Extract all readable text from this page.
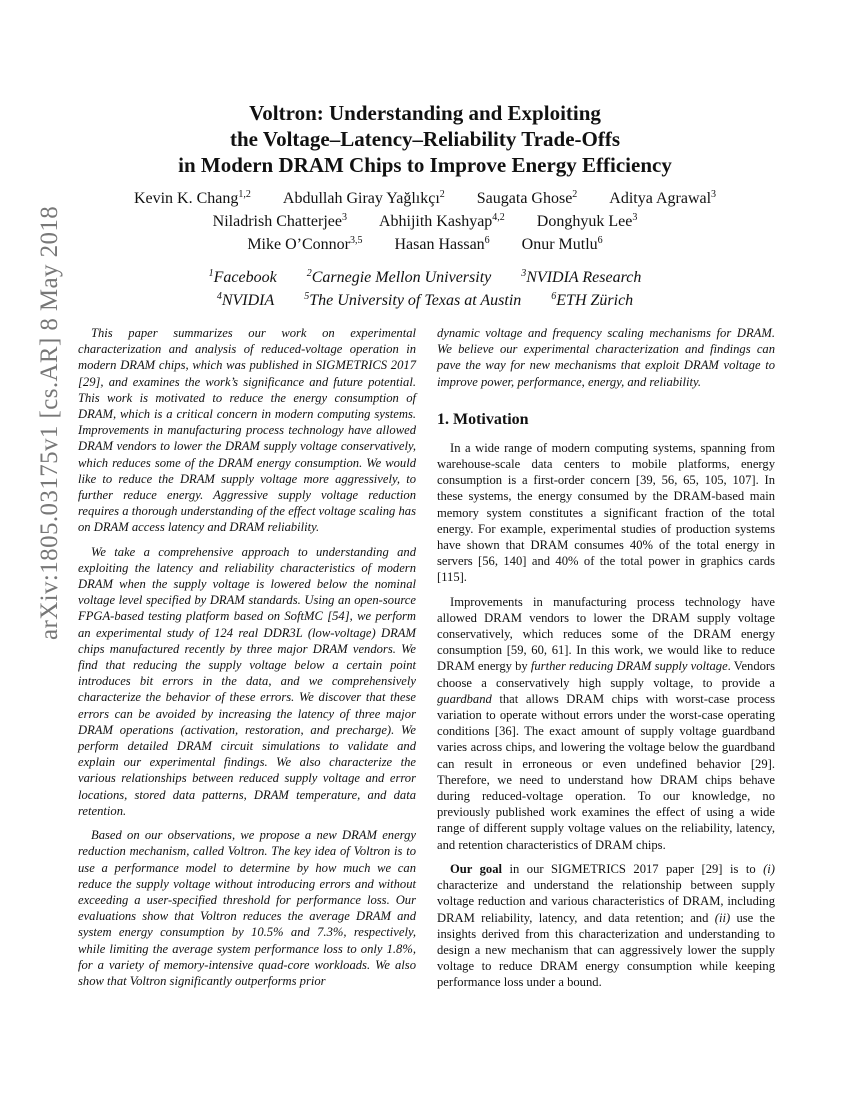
arXiv:1805.03175v1 [cs.AR] 8 May 2018
Voltron: Understanding and Exploiting
the Voltage–Latency–Reliability Trade-Offs
in Modern DRAM Chips to Improve Energy Efficiency
Kevin K. Chang$^{1,2}$ Abdullah Giray Yağlıkçı$^2$ Saugata Ghose$^2$ Aditya Agrawal$^3$
Niladrish Chatterjee$^3$ Abhijith Kashyap$^{4,2}$ Donghyuk Lee$^3$
Mike O’Connor$^{3,5}$ Hasan Hassan$^6$ Onur Mutlu$^6$
$^1$Facebook	$^2$Carnegie Mellon University	$^3$NVIDIA Research
$^4$NVIDIA	$^5$The University of Texas at Austin	$^6$ETH Zürich

This paper summarizes our work on experimental characterization and analysis of reduced-voltage operation in modern DRAM chips, which was published in SIGMETRICS 2017 [29], and examines the work’s significance and future potential. This work is motivated to reduce the energy consumption of DRAM, which is a critical concern in modern computing systems. Improvements in manufacturing process technology have allowed DRAM vendors to lower the DRAM supply voltage conservatively, which reduces some of the DRAM energy consumption. We would like to reduce the DRAM supply voltage more aggressively, to further reduce energy. Aggressive supply voltage reduction requires a thorough understanding of the effect voltage scaling has on DRAM access latency and DRAM reliability.

We take a comprehensive approach to understanding and exploiting the latency and reliability characteristics of modern DRAM when the supply voltage is lowered below the nominal voltage level specified by DRAM standards. Using an open-source FPGA-based testing platform based on SoftMC [54], we perform an experimental study of 124 real DDR3L (low-voltage) DRAM chips manufactured recently by three major DRAM vendors. We find that reducing the supply voltage below a certain point introduces bit errors in the data, and we comprehensively characterize the behavior of these errors. We discover that these errors can be avoided by increasing the latency of three major DRAM operations (activation, restoration, and precharge). We perform detailed DRAM circuit simulations to validate and explain our experimental findings. We also characterize the various relationships between reduced supply voltage and error locations, stored data patterns, DRAM temperature, and data retention.

Based on our observations, we propose a new DRAM energy reduction mechanism, called Voltron. The key idea of Voltron is to use a performance model to determine by how much we can reduce the supply voltage without introducing errors and without exceeding a user-specified threshold for performance loss. Our evaluations show that Voltron reduces the average DRAM and system energy consumption by 10.5% and 7.3%, respectively, while limiting the average system performance loss to only 1.8%, for a variety of memory-intensive quad-core workloads. We also show that Voltron significantly outperforms prior

dynamic voltage and frequency scaling mechanisms for DRAM. We believe our experimental characterization and findings can pave the way for new mechanisms that exploit DRAM voltage to improve power, performance, energy, and reliability.

1. Motivation

In a wide range of modern computing systems, spanning from warehouse-scale data centers to mobile platforms, energy consumption is a first-order concern [39, 56, 65, 105, 107]. In these systems, the energy consumed by the DRAM-based main memory system constitutes a significant fraction of the total energy. For example, experimental studies of production systems have shown that DRAM consumes 40% of the total energy in servers [56, 140] and 40% of the total power in graphics cards [115].

Improvements in manufacturing process technology have allowed DRAM vendors to lower the DRAM supply voltage conservatively, which reduces some of the DRAM energy consumption [59, 60, 61]. In this work, we would like to reduce DRAM energy by further reducing DRAM supply voltage. Vendors choose a conservatively high supply voltage, to provide a guardband that allows DRAM chips with worst-case process variation to operate without errors under the worst-case operating conditions [36]. The exact amount of supply voltage guardband varies across chips, and lowering the voltage below the guardband can result in erroneous or even undefined behavior [29]. Therefore, we need to understand how DRAM chips behave during reduced-voltage operation. To our knowledge, no previously published work examines the effect of using a wide range of different supply voltage values on the reliability, latency, and retention characteristics of DRAM chips.

Our goal in our SIGMETRICS 2017 paper [29] is to (i) characterize and understand the relationship between supply voltage reduction and various characteristics of DRAM, including DRAM reliability, latency, and data retention; and (ii) use the insights derived from this characterization and understanding to design a new mechanism that can aggressively lower the supply voltage to reduce DRAM energy consumption while keeping performance loss under a bound.
